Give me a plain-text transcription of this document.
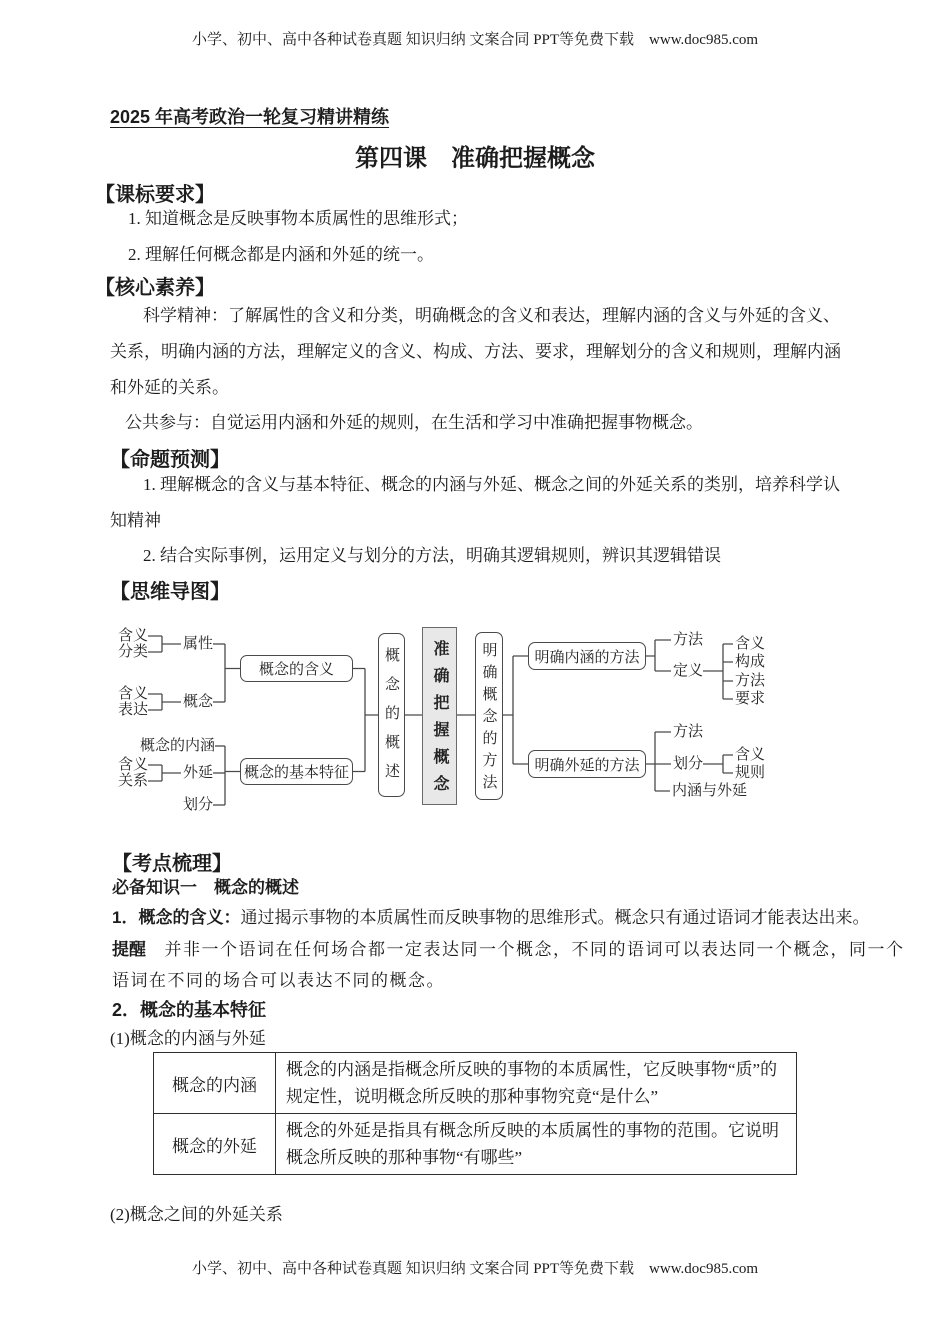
小学、初中、高中各种试卷真题 知识归纳 文案合同 PPT等免费下载　www.doc985.com
2025 年高考政治一轮复习精讲精练
第四课　准确把握概念
【课标要求】
1. 知道概念是反映事物本质属性的思维形式；
2. 理解任何概念都是内涵和外延的统一。
【核心素养】
科学精神：了解属性的含义和分类，明确概念的含义和表达，理解内涵的含义与外延的含义、
关系，明确内涵的方法，理解定义的含义、构成、方法、要求，理解划分的含义和规则，理解内涵
和外延的关系。
公共参与：自觉运用内涵和外延的规则，在生活和学习中准确把握事物概念。
【命题预测】
1. 理解概念的含义与基本特征、概念的内涵与外延、概念之间的外延关系的类别，培养科学认
知精神
2. 结合实际事例，运用定义与划分的方法，明确其逻辑规则，辨识其逻辑错误
【思维导图】
含义
分类 属性
含义
表达 概念
概念的内涵
含义
关系 外延
划分
概念的含义
概念的基本特征	概念的概述	准确把握概念	明确概念的方法	明确内涵的方法
明确外延的方法
方法
定义
含义
构成
方法
要求
方法
划分
内涵与外延
含义
规则
【考点梳理】
必备知识一　概念的概述
1．概念的含义：通过揭示事物的本质属性而反映事物的思维形式。概念只有通过语词才能表达出来。
提醒　 并非一个语词在任何场合都一定表达同一个概念，不同的语词可以表达同一个概念，同一个
语词在不同的场合可以表达不同的概念。
2．概念的基本特征
(1)概念的内涵与外延
概念的内涵	概念的内涵是指概念所反映的事物的本质属性，它反映事物“质”的规定性，说明概念所反映的那种事物究竟“是什么”
概念的外延	概念的外延是指具有概念所反映的本质属性的事物的范围。它说明概念所反映的那种事物“有哪些”
(2)概念之间的外延关系
小学、初中、高中各种试卷真题 知识归纳 文案合同 PPT等免费下载　www.doc985.com
